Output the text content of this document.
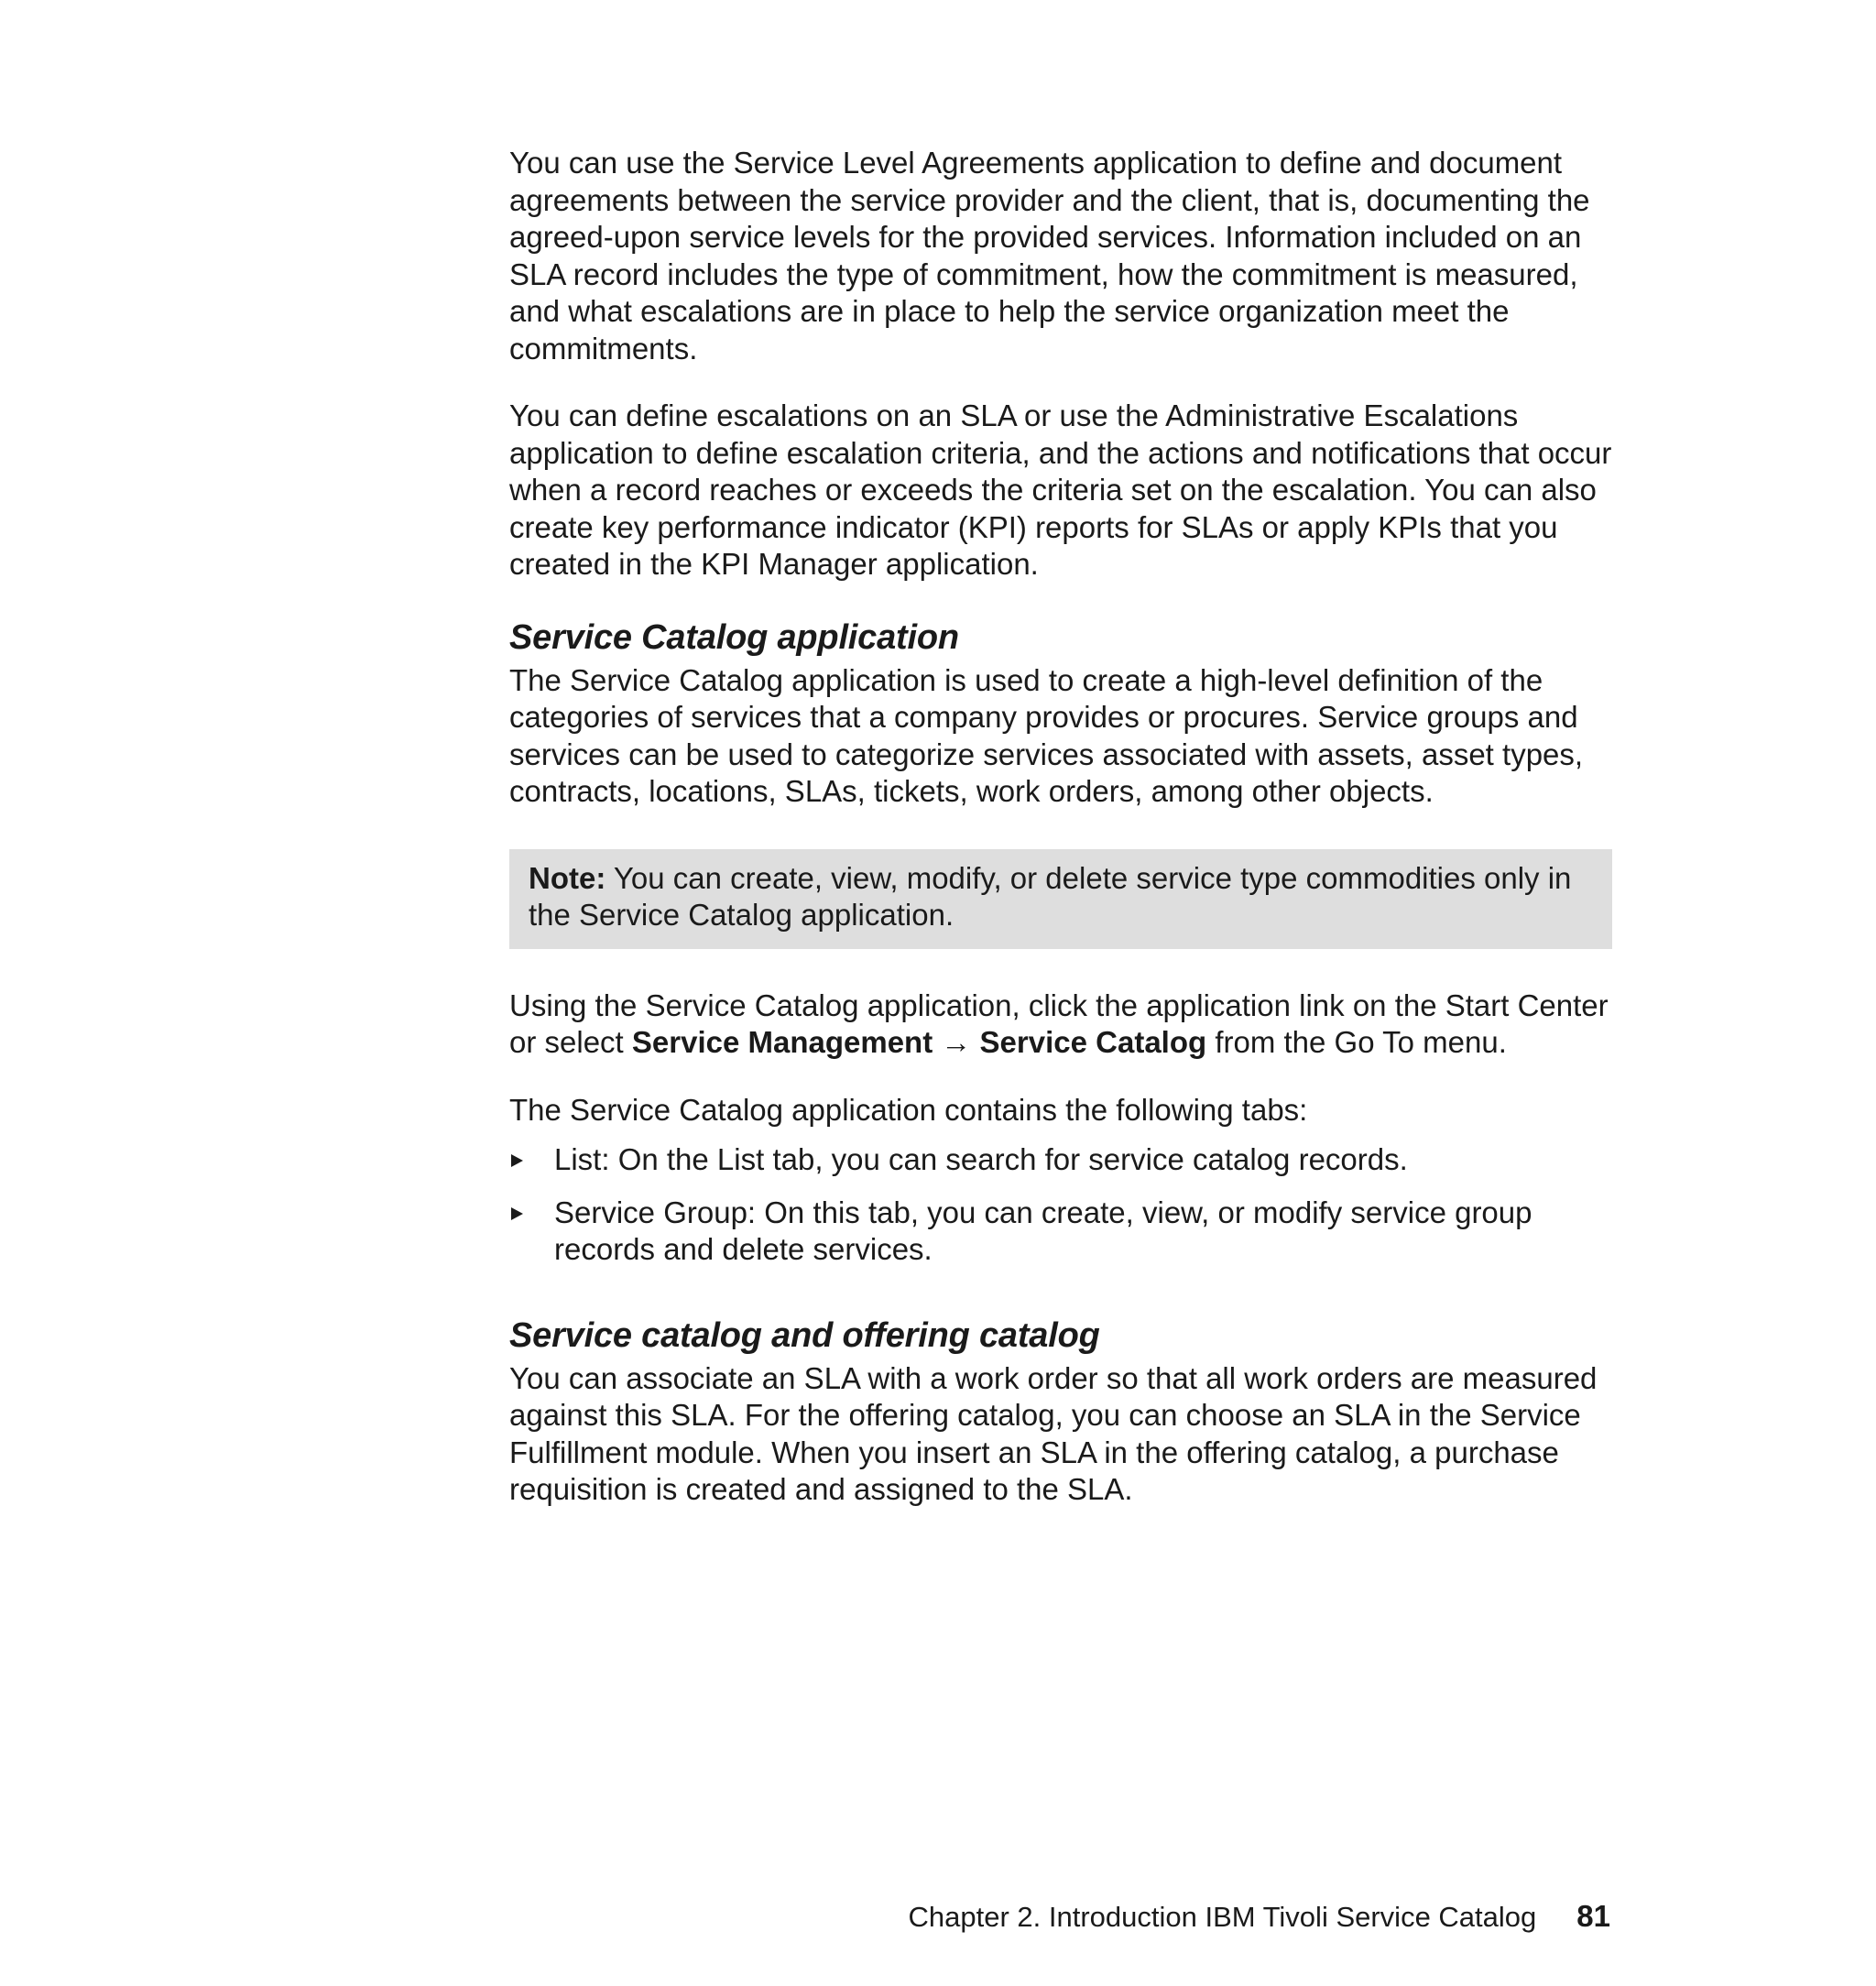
You can use the Service Level Agreements application to define and document agreements between the service provider and the client, that is, documenting the agreed-upon service levels for the provided services. Information included on an SLA record includes the type of commitment, how the commitment is measured, and what escalations are in place to help the service organization meet the commitments.

You can define escalations on an SLA or use the Administrative Escalations application to define escalation criteria, and the actions and notifications that occur when a record reaches or exceeds the criteria set on the escalation. You can also create key performance indicator (KPI) reports for SLAs or apply KPIs that you created in the KPI Manager application.

Service Catalog application

The Service Catalog application is used to create a high-level definition of the categories of services that a company provides or procures. Service groups and services can be used to categorize services associated with assets, asset types, contracts, locations, SLAs, tickets, work orders, among other objects.

Note: You can create, view, modify, or delete service type commodities only in the Service Catalog application.

Using the Service Catalog application, click the application link on the Start Center or select Service Management → Service Catalog from the Go To menu.

The Service Catalog application contains the following tabs:

List: On the List tab, you can search for service catalog records.
Service Group: On this tab, you can create, view, or modify service group records and delete services.
Service catalog and offering catalog

You can associate an SLA with a work order so that all work orders are measured against this SLA. For the offering catalog, you can choose an SLA in the Service Fulfillment module. When you insert an SLA in the offering catalog, a purchase requisition is created and assigned to the SLA.

Chapter 2. Introduction IBM Tivoli Service Catalog 81
